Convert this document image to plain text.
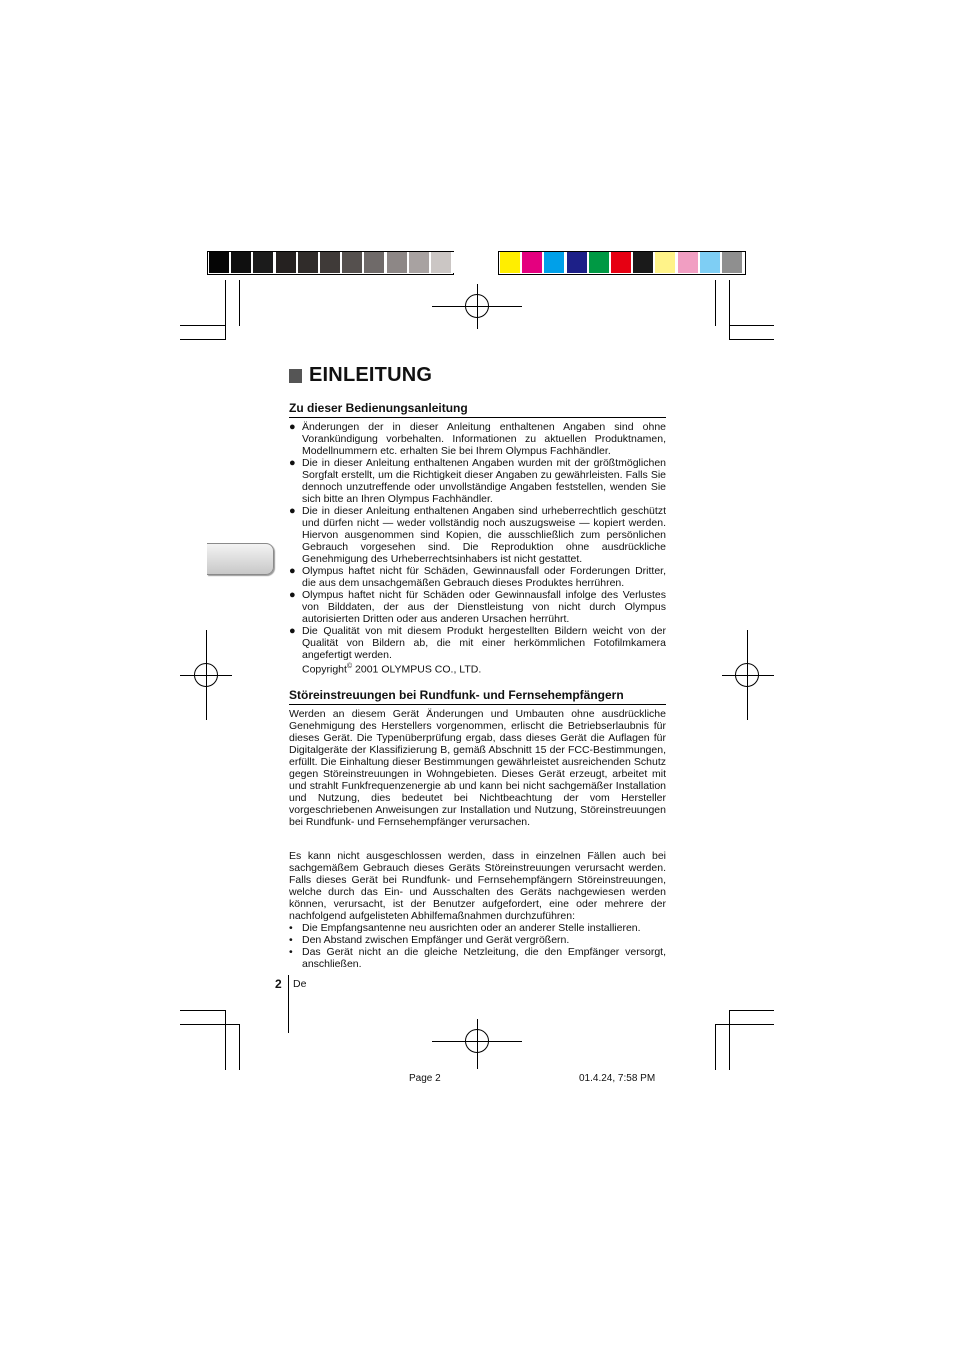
EINLEITUNG
Zu dieser Bedienungsanleitung
● Änderungen der in dieser Anleitung enthaltenen Angaben sind ohne Vorankündigung vorbehalten. Informationen zu aktuellen Produktnamen, Modellnummern etc. erhalten Sie bei Ihrem Olympus Fachhändler.
● Die in dieser Anleitung enthaltenen Angaben wurden mit der größtmöglichen Sorgfalt erstellt, um die Richtigkeit dieser Angaben zu gewährleisten. Falls Sie dennoch unzutreffende oder unvollständige Angaben feststellen, wenden Sie sich bitte an Ihren Olympus Fachhändler.
● Die in dieser Anleitung enthaltenen Angaben sind urheberrechtlich geschützt und dürfen nicht — weder vollständig noch auszugsweise — kopiert werden. Hiervon ausgenommen sind Kopien, die ausschließlich zum persönlichen Gebrauch vorgesehen sind. Die Reproduktion ohne ausdrückliche Genehmigung des Urheberrechtsinhabers ist nicht gestattet.
● Olympus haftet nicht für Schäden, Gewinnausfall oder Forderungen Dritter, die aus dem unsachgemäßen Gebrauch dieses Produktes herrühren.
● Olympus haftet nicht für Schäden oder Gewinnausfall infolge des Verlustes von Bilddaten, der aus der Dienstleistung von nicht durch Olympus autorisierten Dritten oder aus anderen Ursachen herrührt.
● Die Qualität von mit diesem Produkt hergestellten Bildern weicht von der Qualität von Bildern ab, die mit einer herkömmlichen Fotofilmkamera angefertigt werden.
Copyright© 2001 OLYMPUS CO., LTD.
Störeinstreuungen bei Rundfunk- und Fernsehempfängern
Werden an diesem Gerät Änderungen und Umbauten ohne ausdrückliche Genehmigung des Herstellers vorgenommen, erlischt die Betriebserlaubnis für dieses Gerät. Die Typenüberprüfung ergab, dass dieses Gerät die Auflagen für Digitalgeräte der Klassifizierung B, gemäß Abschnitt 15 der FCC-Bestimmungen, erfüllt. Die Einhaltung dieser Bestimmungen gewährleistet ausreichenden Schutz gegen Störeinstreuungen in Wohngebieten. Dieses Gerät erzeugt, arbeitet mit und strahlt Funkfrequenzenergie ab und kann bei nicht sachgemäßer Installation und Nutzung, dies bedeutet bei Nichtbeachtung der vom Hersteller vorgeschriebenen Anweisungen zur Installation und Nutzung, Störeinstreuungen bei Rundfunk- und Fernsehempfänger verursachen.
Es kann nicht ausgeschlossen werden, dass in einzelnen Fällen auch bei sachgemäßem Gebrauch dieses Geräts Störeinstreuungen verursacht werden. Falls dieses Gerät bei Rundfunk- und Fernsehempfängern Störeinstreuungen, welche durch das Ein- und Ausschalten des Geräts nachgewiesen werden können, verursacht, ist der Benutzer aufgefordert, eine oder mehrere der nachfolgend aufgelisteten Abhilfemaßnahmen durchzuführen:
• Die Empfangsantenne neu ausrichten oder an anderer Stelle installieren.
• Den Abstand zwischen Empfänger und Gerät vergrößern.
• Das Gerät nicht an die gleiche Netzleitung, die den Empfänger versorgt, anschließen.
2 De
Page 2	01.4.24, 7:58 PM
